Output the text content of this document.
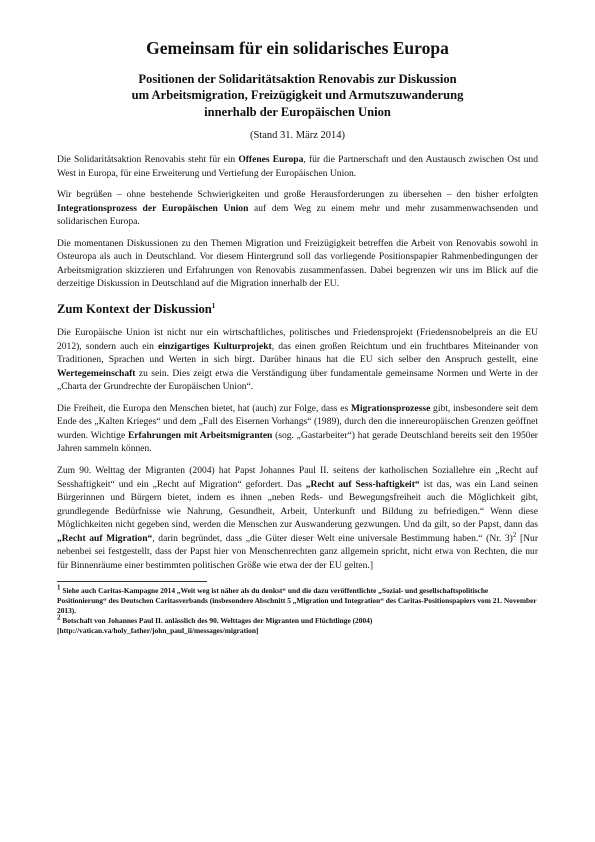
Gemeinsam für ein solidarisches Europa
Positionen der Solidaritätsaktion Renovabis zur Diskussion
um Arbeitsmigration, Freizügigkeit und Armutszuwanderung
innerhalb der Europäischen Union
(Stand 31. März 2014)

Die Solidaritätsaktion Renovabis steht für ein Offenes Europa, für die Partnerschaft und den Austausch zwischen Ost und West in Europa, für eine Erweiterung und Vertiefung der Europäischen Union.

Wir begrüßen – ohne bestehende Schwierigkeiten und große Herausforderungen zu übersehen – den bisher erfolgten Integrationsprozess der Europäischen Union auf dem Weg zu einem mehr und mehr zusammenwachsenden und solidarischen Europa.

Die momentanen Diskussionen zu den Themen Migration und Freizügigkeit betreffen die Arbeit von Renovabis sowohl in Osteuropa als auch in Deutschland. Vor diesem Hintergrund soll das vorliegende Positionspapier Rahmenbedingungen der Arbeitsmigration skizzieren und Erfahrungen von Renovabis zusammenfassen. Dabei begrenzen wir uns im Blick auf die derzeitige Diskussion in Deutschland auf die Migration innerhalb der EU.

Zum Kontext der Diskussion$^1$

Die Europäische Union ist nicht nur ein wirtschaftliches, politisches und Friedensprojekt (Friedensnobelpreis an die EU 2012), sondern auch ein einzigartiges Kulturprojekt, das einen großen Reichtum und ein fruchtbares Miteinander von Traditionen, Sprachen und Werten in sich birgt. Darüber hinaus hat die EU sich selber den Anspruch gestellt, eine Wertegemeinschaft zu sein. Dies zeigt etwa die Verständigung über fundamentale gemeinsame Normen und Werte in der „Charta der Grundrechte der Europäischen Union“.

Die Freiheit, die Europa den Menschen bietet, hat (auch) zur Folge, dass es Migrationsprozesse gibt, insbesondere seit dem Ende des „Kalten Krieges“ und dem „Fall des Eisernen Vorhangs“ (1989), durch den die innereuropäischen Grenzen geöffnet wurden. Wichtige Erfahrungen mit Arbeitsmigranten (sog. „Gastarbeiter“) hat gerade Deutschland bereits seit den 1950er Jahren sammeln können.

Zum 90. Welttag der Migranten (2004) hat Papst Johannes Paul II. seitens der katholischen Soziallehre ein „Recht auf Sesshaftigkeit“ und ein „Recht auf Migration“ gefordert. Das „Recht auf Sess-haftigkeit“ ist das, was ein Land seinen Bürgerinnen und Bürgern bietet, indem es ihnen „neben Reds- und Bewegungsfreiheit auch die Möglichkeit gibt, grundlegende Bedürfnisse wie Nahrung, Gesundheit, Arbeit, Unterkunft und Bildung zu befriedigen.“ Wenn diese Möglichkeiten nicht gegeben sind, werden die Menschen zur Auswanderung gezwungen. Und da gilt, so der Papst, dann das „Recht auf Migration“, darin begründet, dass „die Güter dieser Welt eine universale Bestimmung haben.“ (Nr. 3)$^2$ [Nur nebenbei sei festgestellt, dass der Papst hier von Menschenrechten ganz allgemein spricht, nicht etwa von Rechten, die nur für Binnenräume einer bestimmten politischen Größe wie etwa der der EU gelten.]

$^1$ Siehe auch Caritas-Kampagne 2014 „Weit weg ist näher als du denkst“ und die dazu veröffentlichte „Sozial- und gesellschaftspolitische Positionierung“ des Deutschen Caritasverbands (insbesondere Abschnitt 5 „Migration und Integration“ des Caritas-Positionspapiers vom 21. November 2013).
$^2$ Botschaft von Johannes Paul II. anlässlich des 90. Welttages der Migranten und Flüchtlinge (2004) [http://vatican.va/holy_father/john_paul_ii/messages/migration]
